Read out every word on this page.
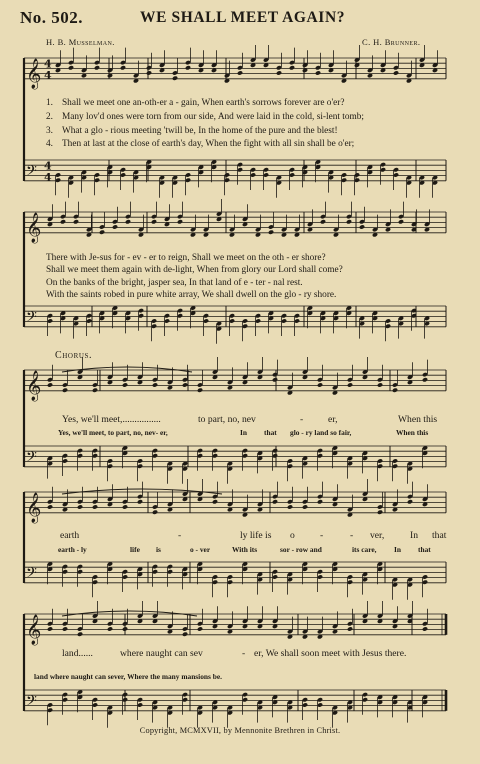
No. 502.	WE SHALL MEET AGAIN?
H. B. Musselman.	C. H. Brunner.
𝄞 4
4
𝄢 4
4
𝄞
𝄢
𝄞
𝄢
𝄞
𝄢
𝄞
𝄢
1. Shall we meet one an-oth-er a - gain, When earth's sorrows forever are o'er?
2. Many lov'd ones were torn from our side, And were laid in the cold, si-lent tomb;
3. What a glo - rious meeting 'twill be, In the home of the pure and the blest!
4. Then at last at the close of earth's day, When the fight with all sin shall be o'er;
There with Je-sus for - ev - er to reign, Shall we meet on the oth - er shore?
Shall we meet them again with de-light, When from glory our Lord shall come?
On the banks of the bright, jasper sea, In that land of e - ter - nal rest.
With the saints robed in pure white array, We shall dwell on the glo - ry shore.
Chorus.
Yes, we'll meet,................	to part, no, nev	-	er,	When this
Yes, we'll meet, to part, no, nev- er,	In that glo - ry land so fair,	When this
earth	-	ly life is o	-	- ver,	In that
earth - ly	life is	o - ver	With its	sor - row and	its care, In that
land......	where naught can sev	- er, We shall soon meet with Jesus there.
land where naught can sever, Where the many mansions be.
Copyright, MCMXVII, by Mennonite Brethren in Christ.
